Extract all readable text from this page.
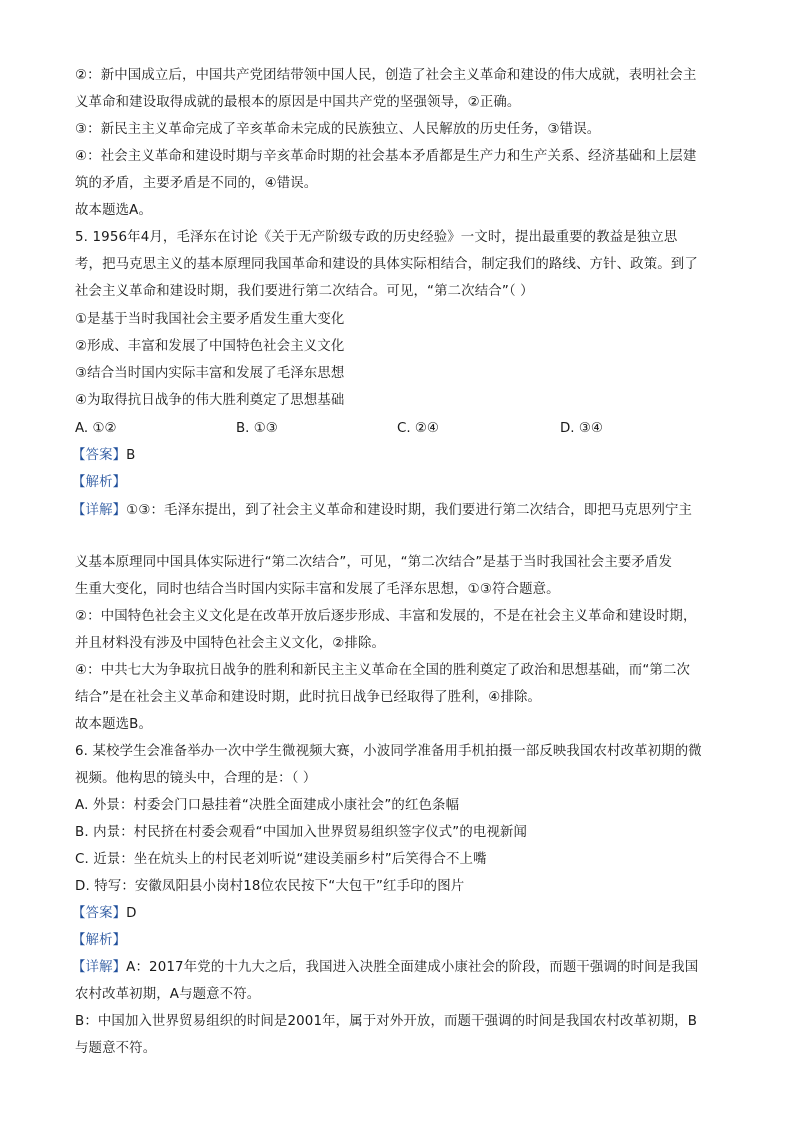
②：新中国成立后，中国共产党团结带领中国人民，创造了社会主义革命和建设的伟大成就，表明社会主
义革命和建设取得成就的最根本的原因是中国共产党的坚强领导，②正确。
③：新民主主义革命完成了辛亥革命未完成的民族独立、人民解放的历史任务，③错误。
④：社会主义革命和建设时期与辛亥革命时期的社会基本矛盾都是生产力和生产关系、经济基础和上层建
筑的矛盾，主要矛盾是不同的，④错误。
故本题选A。
5. 1956年4月，毛泽东在讨论《关于无产阶级专政的历史经验》一文时，提出最重要的教益是独立思
考，把马克思主义的基本原理同我国革命和建设的具体实际相结合，制定我们的路线、方针、政策。到了
社会主义革命和建设时期，我们要进行第二次结合。可见，“第二次结合”（ ）
①是基于当时我国社会主要矛盾发生重大变化
②形成、丰富和发展了中国特色社会主义文化
③结合当时国内实际丰富和发展了毛泽东思想
④为取得抗日战争的伟大胜利奠定了思想基础
A. ①②	B. ①③	C. ②④	D. ③④
【答案】B
【解析】
【详解】①③：毛泽东提出，到了社会主义革命和建设时期，我们要进行第二次结合，即把马克思列宁主
义基本原理同中国具体实际进行“第二次结合”，可见，“第二次结合”是基于当时我国社会主要矛盾发
生重大变化，同时也结合当时国内实际丰富和发展了毛泽东思想，①③符合题意。
②：中国特色社会主义文化是在改革开放后逐步形成、丰富和发展的，不是在社会主义革命和建设时期，
并且材料没有涉及中国特色社会主义文化，②排除。
④：中共七大为争取抗日战争的胜利和新民主主义革命在全国的胜利奠定了政治和思想基础，而“第二次
结合”是在社会主义革命和建设时期，此时抗日战争已经取得了胜利，④排除。
故本题选B。
6. 某校学生会准备举办一次中学生微视频大赛，小波同学准备用手机拍摄一部反映我国农村改革初期的微
视频。他构思的镜头中，合理的是：（ ）
A. 外景：村委会门口悬挂着“决胜全面建成小康社会”的红色条幅
B. 内景：村民挤在村委会观看“中国加入世界贸易组织签字仪式”的电视新闻
C. 近景：坐在炕头上的村民老刘听说“建设美丽乡村”后笑得合不上嘴
D. 特写：安徽凤阳县小岗村18位农民按下“大包干”红手印的图片
【答案】D
【解析】
【详解】A：2017年党的十九大之后，我国进入决胜全面建成小康社会的阶段，而题干强调的时间是我国
农村改革初期，A与题意不符。
B：中国加入世界贸易组织的时间是2001年，属于对外开放，而题干强调的时间是我国农村改革初期，B
与题意不符。
